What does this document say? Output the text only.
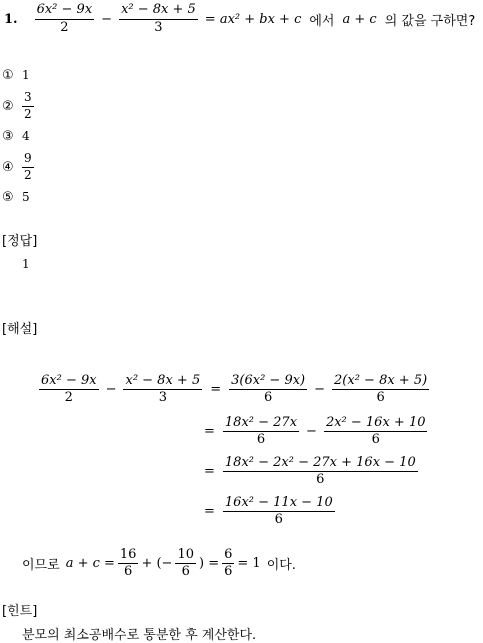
1. $\frac{\text{6x² − 9x}}{2} - \frac{\text{x² − 8x + 5}}{3} = ax^2$ + bx + c 에서 a + c 의 값을 구하면?
① 1
② $\frac{3}{2}$
③ 4
④ $\frac{9}{2}$
⑤ 5
[정답]
1
[해설]
$\frac{\text{6x² − 9x}}{2} - \frac{\text{x² − 8x + 5}}{3} = \frac{\text{3(6x² − 9x)}}{6} - \frac{\text{2(x² − 8x + 5)}}{6}$
= $\frac{\text{18x² − 27x}}{6} - \frac{\text{2x² − 16x + 10}}{6}$
= $\frac{\text{18x² − 2x² − 27x + 16x − 10}}{6}$
= $\frac{\text{16x² − 11x − 10}}{6}$
이므로 $a + c = \frac{16}{6}$ + (− $\frac{10}{6}$ ) = $\frac{6}{6} = 1$ 이다.
[힌트]
분모의 최소공배수로 통분한 후 계산한다.
